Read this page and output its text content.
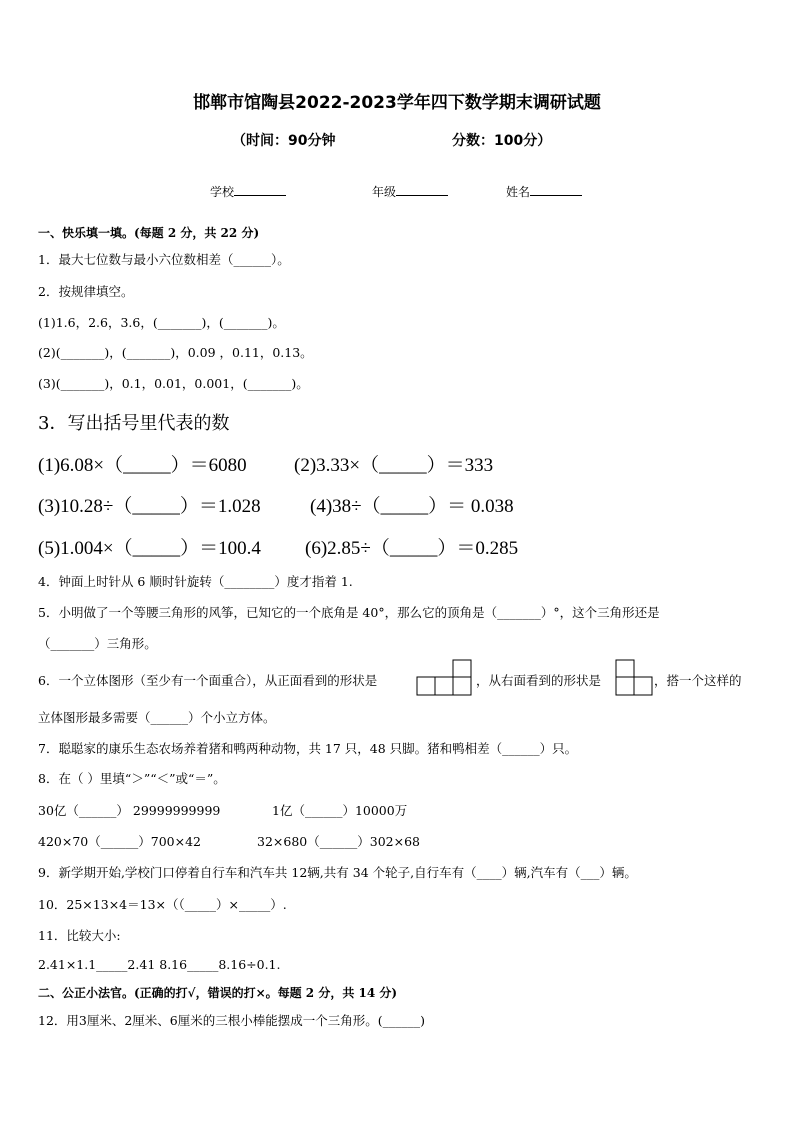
邯郸市馆陶县2022-2023学年四下数学期末调研试题
（时间：90分钟	分数：100分）
学校	年级	姓名
一、快乐填一填。(每题 2 分，共 22 分)
1．最大七位数与最小六位数相差（______）。
2．按规律填空。
(1)1.6，2.6，3.6，(_______)，(_______)。
(2)(_______)，(_______)，0.09 ，0.11，0.13。
(3)(_______)，0.1，0.01，0.001，(_______)。
3．写出括号里代表的数
(1)6.08×（_____）＝6080 (2)3.33×（_____）＝333
(3)10.28÷（_____）＝1.028	(4)38÷（_____）＝ 0.038
(5)1.004×（_____）＝100.4 (6)2.85÷（_____）＝0.285
4．钟面上时针从 6 顺时针旋转（________）度才指着 1.
5．小明做了一个等腰三角形的风筝，已知它的一个底角是 40°，那么它的顶角是（_______）°，这个三角形还是
（_______）三角形。
6．一个立体图形（至少有一个面重合），从正面看到的形状是	，从右面看到的形状是	，搭一个这样的
立体图形最多需要（______）个小立方体。
7．聪聪家的康乐生态农场养着猪和鸭两种动物，共 17 只，48 只脚。猪和鸭相差（______）只。
8．在（ ）里填“＞”“＜”或“＝”。
30亿（______） 29999999999	1亿（______）10000万
420×70（______）700×42	32×680（______）302×68
9．新学期开始,学校门口停着自行车和汽车共 12辆,共有 34 个轮子,自行车有（____）辆,汽车有（___）辆。
10．25×13×4＝13×（（_____）×_____）.
11．比较大小:
2.41×1.1_____2.41 8.16_____8.16÷0.1.
二、公正小法官。(正确的打√，错误的打×。每题 2 分，共 14 分)
12．用3厘米、2厘米、6厘米的三根小棒能摆成一个三角形。(______)
